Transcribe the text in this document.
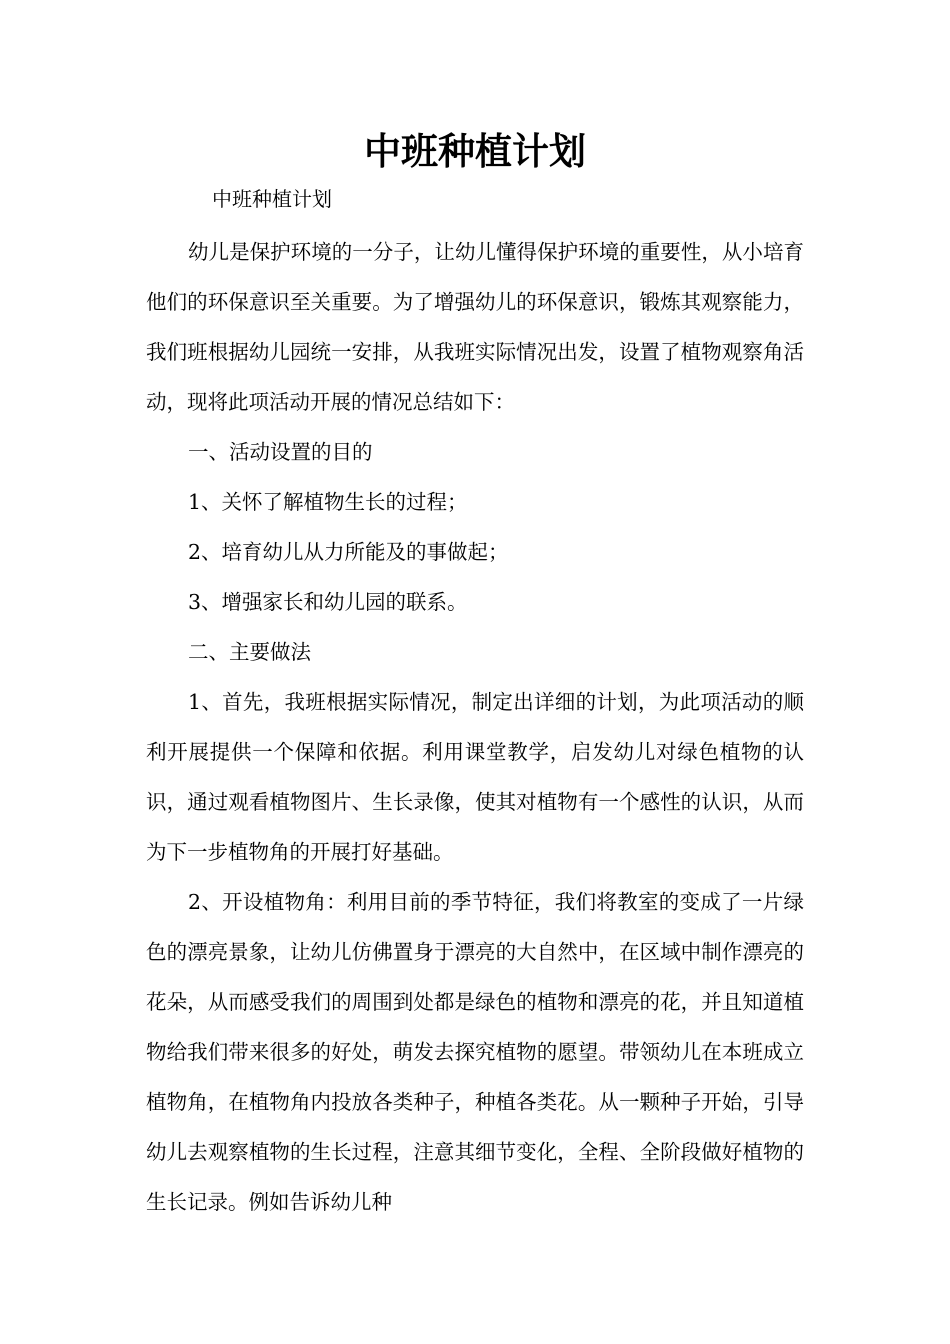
中班种植计划
中班种植计划

幼儿是保护环境的一分子，让幼儿懂得保护环境的重要性，从小培育他们的环保意识至关重要。为了增强幼儿的环保意识，锻炼其观察能力，我们班根据幼儿园统一安排，从我班实际情况出发，设置了植物观察角活动，现将此项活动开展的情况总结如下：

一、活动设置的目的

1、关怀了解植物生长的过程；

2、培育幼儿从力所能及的事做起；

3、增强家长和幼儿园的联系。

二、主要做法

1、首先，我班根据实际情况，制定出详细的计划，为此项活动的顺利开展提供一个保障和依据。利用课堂教学，启发幼儿对绿色植物的认识，通过观看植物图片、生长录像，使其对植物有一个感性的认识，从而为下一步植物角的开展打好基础。

2、开设植物角：利用目前的季节特征，我们将教室的变成了一片绿色的漂亮景象，让幼儿仿佛置身于漂亮的大自然中，在区域中制作漂亮的花朵，从而感受我们的周围到处都是绿色的植物和漂亮的花，并且知道植物给我们带来很多的好处，萌发去探究植物的愿望。带领幼儿在本班成立植物角，在植物角内投放各类种子，种植各类花。从一颗种子开始，引导幼儿去观察植物的生长过程，注意其细节变化，全程、全阶段做好植物的生长记录。例如告诉幼儿种
